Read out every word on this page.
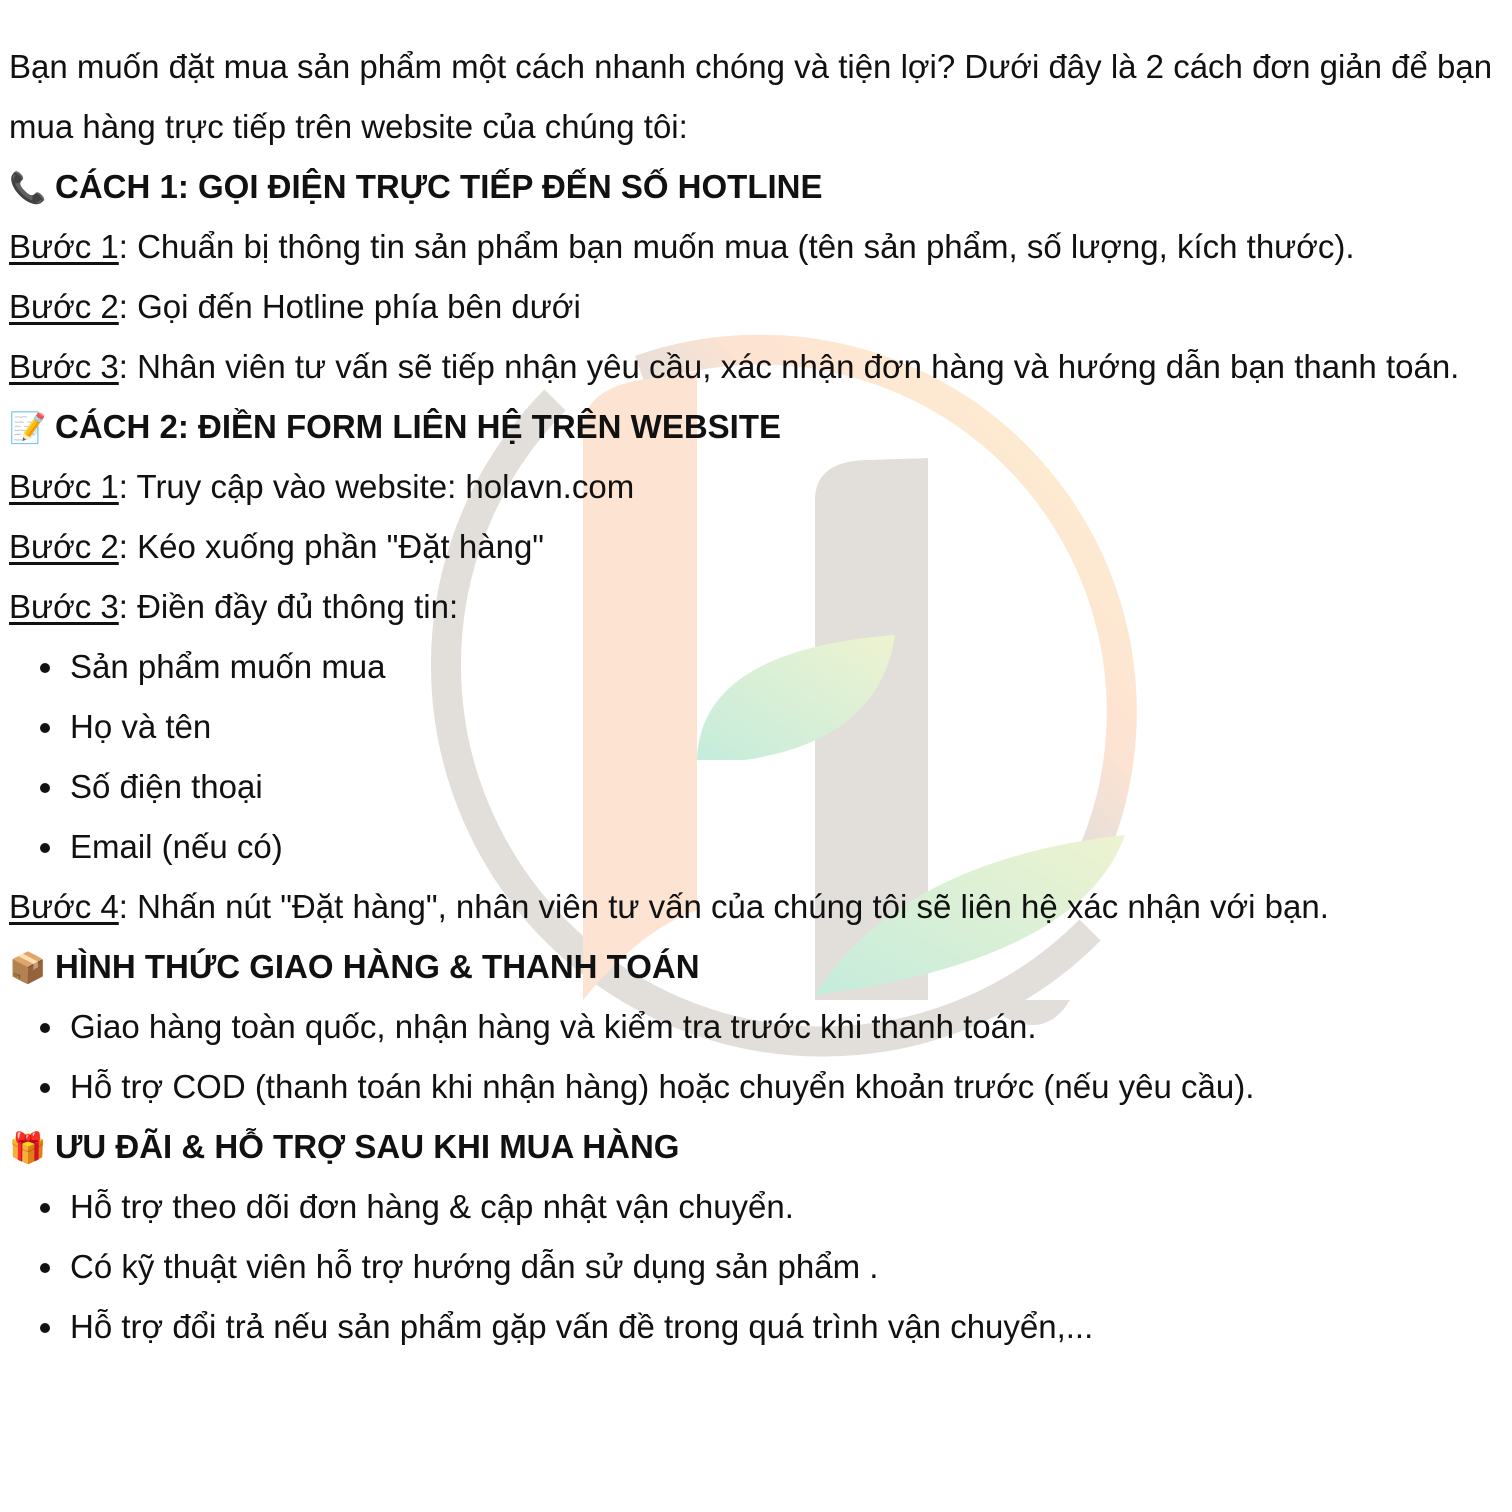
Bạn muốn đặt mua sản phẩm một cách nhanh chóng và tiện lợi? Dưới đây là 2 cách đơn giản để bạn mua hàng trực tiếp trên website của chúng tôi:
📞 CÁCH 1: GỌI ĐIỆN TRỰC TIẾP ĐẾN SỐ HOTLINE
Bước 1: Chuẩn bị thông tin sản phẩm bạn muốn mua (tên sản phẩm, số lượng, kích thước).
Bước 2: Gọi đến Hotline phía bên dưới
Bước 3: Nhân viên tư vấn sẽ tiếp nhận yêu cầu, xác nhận đơn hàng và hướng dẫn bạn thanh toán.
📝 CÁCH 2: ĐIỀN FORM LIÊN HỆ TRÊN WEBSITE
Bước 1: Truy cập vào website: holavn.com
Bước 2: Kéo xuống phần "Đặt hàng"
Bước 3: Điền đầy đủ thông tin:
Sản phẩm muốn mua
Họ và tên
Số điện thoại
Email (nếu có)
Bước 4: Nhấn nút "Đặt hàng", nhân viên tư vấn của chúng tôi sẽ liên hệ xác nhận với bạn.
📦 HÌNH THỨC GIAO HÀNG & THANH TOÁN
Giao hàng toàn quốc, nhận hàng và kiểm tra trước khi thanh toán.
Hỗ trợ COD (thanh toán khi nhận hàng) hoặc chuyển khoản trước (nếu yêu cầu).
🎁 ƯU ĐÃI & HỖ TRỢ SAU KHI MUA HÀNG
Hỗ trợ theo dõi đơn hàng & cập nhật vận chuyển.
Có kỹ thuật viên hỗ trợ hướng dẫn sử dụng sản phẩm .
Hỗ trợ đổi trả nếu sản phẩm gặp vấn đề trong quá trình vận chuyển,...
